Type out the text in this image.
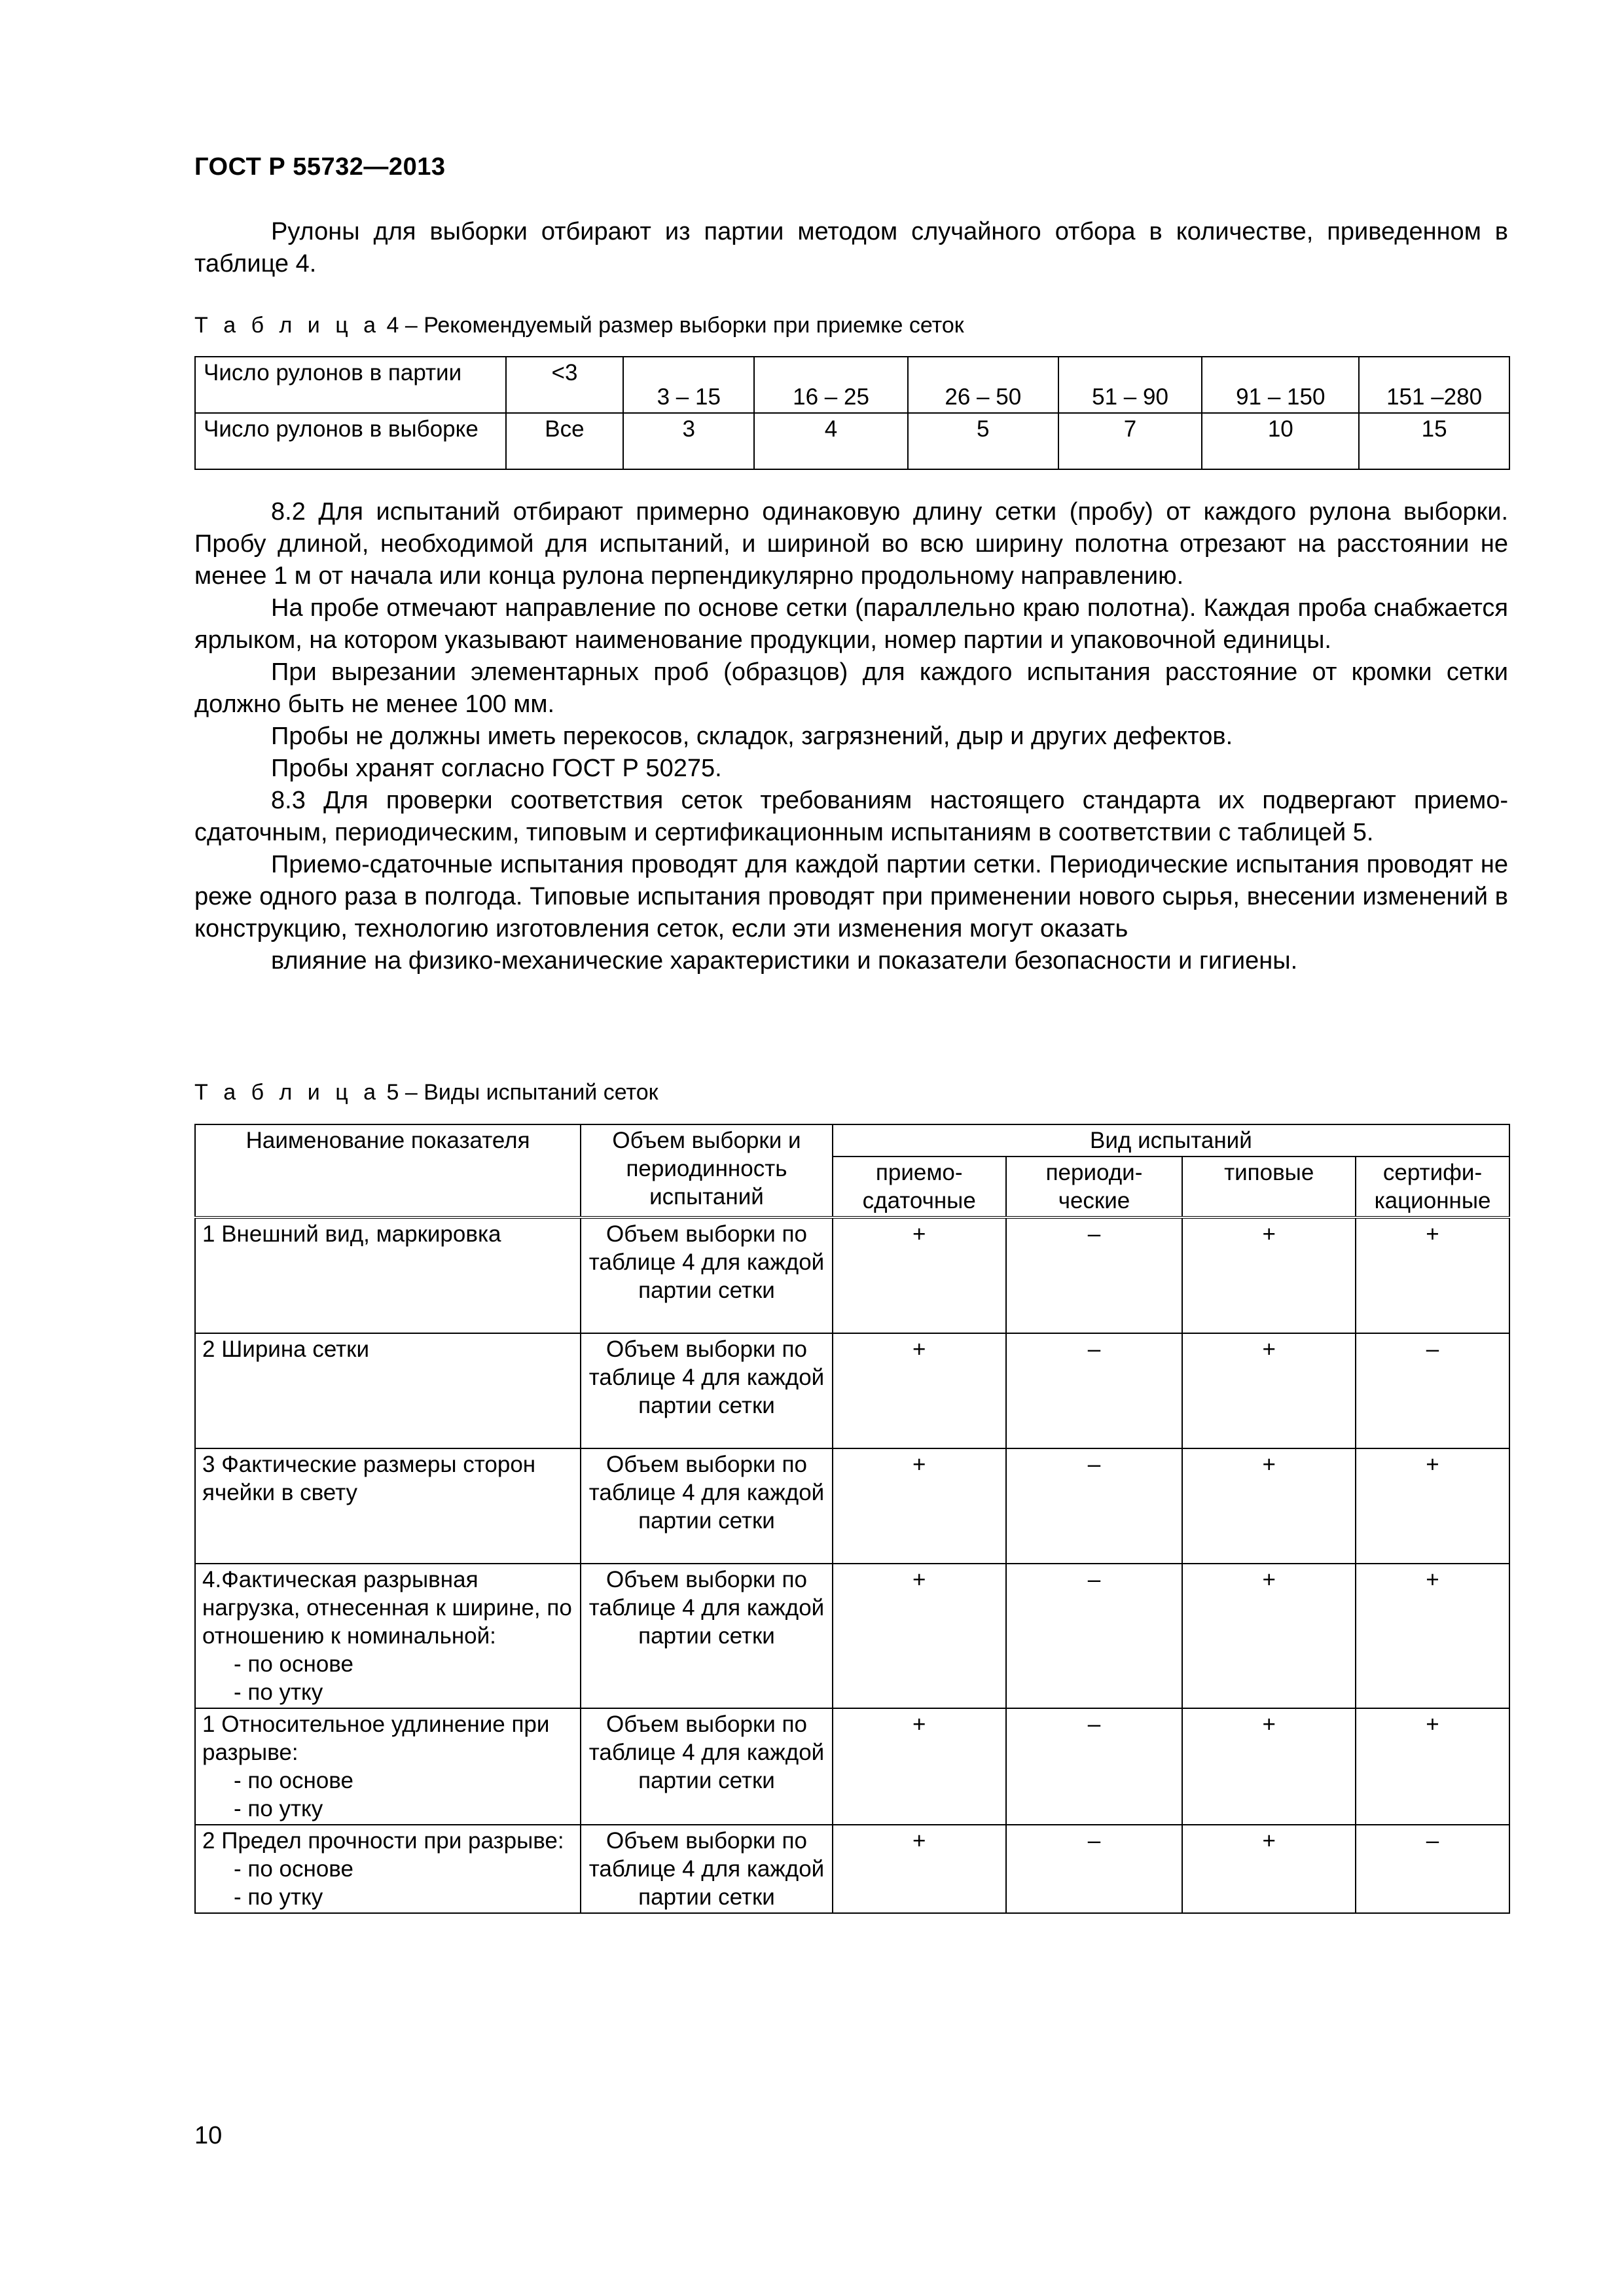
ГОСТ Р 55732—2013

Рулоны для выборки отбирают из партии методом случайного отбора в количестве, приведенном в таблице 4.

Т а б л и ц а 4 – Рекомендуемый размер выборки при приемке сеток
Число рулонов в партии	<3	3 – 15	16 – 25	26 – 50	51 – 90	91 – 150	151 –280
Число рулонов в выборке	Все	3	4	5	7	10	15

8.2 Для испытаний отбирают примерно одинаковую длину сетки (пробу) от каждого рулона выборки. Пробу длиной, необходимой для испытаний, и шириной во всю ширину полотна отрезают на расстоянии не менее 1 м от начала или конца рулона перпендикулярно продольному направлению.

На пробе отмечают направление по основе сетки (параллельно краю полотна). Каждая проба снабжается ярлыком, на котором указывают наименование продукции, номер партии и упаковочной единицы.

При вырезании элементарных проб (образцов) для каждого испытания расстояние от кромки сетки должно быть не менее 100 мм.

Пробы не должны иметь перекосов, складок, загрязнений, дыр и других дефектов.

Пробы хранят согласно ГОСТ Р 50275.

8.3 Для проверки соответствия сеток требованиям настоящего стандарта их подвергают приемо-сдаточным, периодическим, типовым и сертификационным испытаниям в соответствии с таблицей 5.

Приемо-сдаточные испытания проводят для каждой партии сетки. Периодические испытания проводят не реже одного раза в полгода. Типовые испытания проводят при применении нового сырья, внесении изменений в конструкцию, технологию изготовления сеток, если эти изменения могут оказать

влияние на физико-механические характеристики и показатели безопасности и гигиены.

Т а б л и ц а 5 – Виды испытаний сеток
Наименование показателя	Объем выборки и периодинность испытаний	Вид испытаний			
		приемо-сдаточные	периоди-ческие	типовые	сертифи-кационные
1 Внешний вид, маркировка	Объем выборки по таблице 4 для каждой партии сетки	+	–	+	+
2 Ширина сетки	Объем выборки по таблице 4 для каждой партии сетки	+	–	+	–
3 Фактические размеры сторон ячейки в свету	Объем выборки по таблице 4 для каждой партии сетки	+	–	+	+

4.Фактическая разрывная нагрузка, отнесенная к ширине, по отношению к номинальной:
- по основе
- по утку	Объем выборки по таблице 4 для каждой партии сетки	+	–	+	+

1 Относительное удлинение при разрыве:
- по основе
- по утку	Объем выборки по таблице 4 для каждой партии сетки	+	–	+	+

2 Предел прочности при разрыве:
- по основе
- по утку	Объем выборки по таблице 4 для каждой партии сетки	+	–	+	–
10
